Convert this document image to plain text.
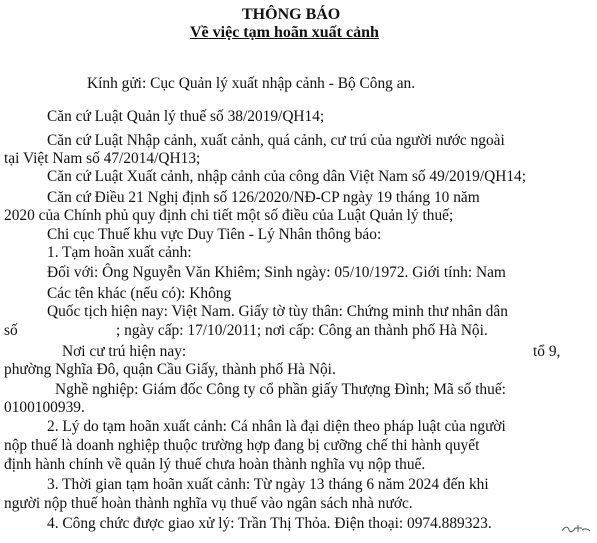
THÔNG BÁO
Về việc tạm hoãn xuất cảnh
Kính gửi: Cục Quản lý xuất nhập cảnh - Bộ Công an.
Căn cứ Luật Quản lý thuế số 38/2019/QH14;
Căn cứ Luật Nhập cảnh, xuất cảnh, quá cảnh, cư trú của người nước ngoài
tại Việt Nam số 47/2014/QH13;
Căn cứ Luật Xuất cảnh, nhập cảnh của công dân Việt Nam số 49/2019/QH14;
Căn cứ Điều 21 Nghị định số 126/2020/NĐ-CP ngày 19 tháng 10 năm
2020 của Chính phủ quy định chi tiết một số điều của Luật Quản lý thuế;
Chi cục Thuế khu vực Duy Tiên - Lý Nhân thông báo:
1. Tạm hoãn xuất cảnh:
Đối với: Ông Nguyễn Văn Khiêm; Sinh ngày: 05/10/1972. Giới tính: Nam
Các tên khác (nếu có): Không
Quốc tịch hiện nay: Việt Nam. Giấy tờ tùy thân: Chứng minh thư nhân dân
số	; ngày cấp: 17/10/2011; nơi cấp: Công an thành phố Hà Nội.
Nơi cư trú hiện nay:	tổ 9,
phường Nghĩa Đô, quận Cầu Giấy, thành phố Hà Nội.
Nghề nghiệp: Giám đốc Công ty cổ phần giấy Thượng Đình; Mã số thuế:
0100100939.
2. Lý do tạm hoãn xuất cảnh: Cá nhân là đại diện theo pháp luật của người
nộp thuế là doanh nghiệp thuộc trường hợp đang bị cưỡng chế thi hành quyết
định hành chính về quản lý thuế chưa hoàn thành nghĩa vụ nộp thuế.
3. Thời gian tạm hoãn xuất cảnh: Từ ngày 13 tháng 6 năm 2024 đến khi
người nộp thuế hoàn thành nghĩa vụ thuế vào ngân sách nhà nước.
4. Công chức được giao xử lý: Trần Thị Thỏa. Điện thoại: 0974.889323.
